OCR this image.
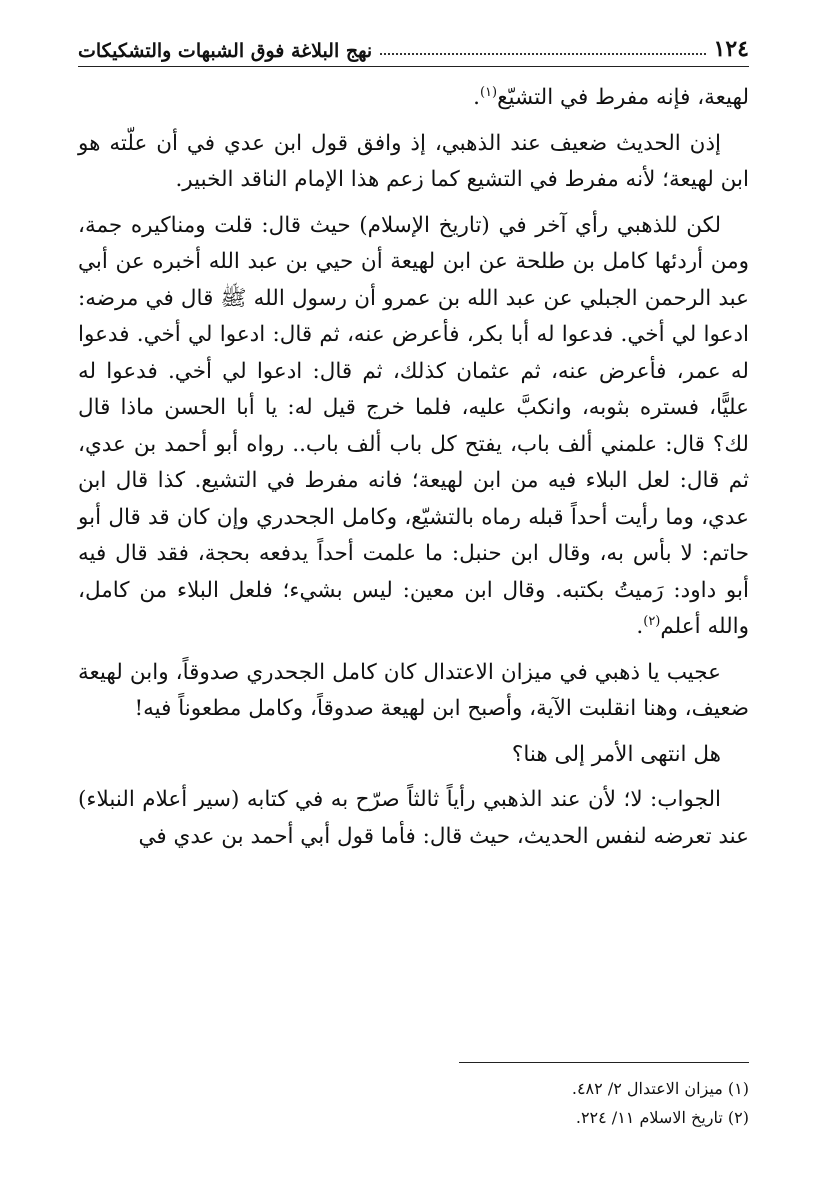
١٢٤
نهج البلاغة فوق الشبهات والتشكيكات

لهيعة، فإنه مفرط في التشيّع$^{(١)}$.

إذن الحديث ضعيف عند الذهبي، إذ وافق قول ابن عدي في أن علّته هو ابن لهيعة؛ لأنه مفرط في التشيع كما زعم هذا الإمام الناقد الخبير.

لكن للذهبي رأي آخر في (تاريخ الإسلام) حيث قال: قلت ومناكيره جمة، ومن أردئها كامل بن طلحة عن ابن لهيعة أن حيي بن عبد الله أخبره عن أبي عبد الرحمن الجبلي عن عبد الله بن عمرو أن رسول الله ﷺ قال في مرضه: ادعوا لي أخي. فدعوا له أبا بكر، فأعرض عنه، ثم قال: ادعوا لي أخي. فدعوا له عمر، فأعرض عنه، ثم عثمان كذلك، ثم قال: ادعوا لي أخي. فدعوا له عليًّا، فستره بثوبه، وانكبَّ عليه، فلما خرج قيل له: يا أبا الحسن ماذا قال لك؟ قال: علمني ألف باب، يفتح كل باب ألف باب.. رواه أبو أحمد بن عدي، ثم قال: لعل البلاء فيه من ابن لهيعة؛ فانه مفرط في التشيع. كذا قال ابن عدي، وما رأيت أحداً قبله رماه بالتشيّع، وكامل الجحدري وإن كان قد قال أبو حاتم: لا بأس به، وقال ابن حنبل: ما علمت أحداً يدفعه بحجة، فقد قال فيه أبو داود: رَميتُ بكتبه. وقال ابن معين: ليس بشيء؛ فلعل البلاء من كامل، والله أعلم$^{(٢)}$.

عجيب يا ذهبي في ميزان الاعتدال كان كامل الجحدري صدوقاً، وابن لهيعة ضعيف، وهنا انقلبت الآية، وأصبح ابن لهيعة صدوقاً، وكامل مطعوناً فيه!

هل انتهى الأمر إلى هنا؟

الجواب: لا؛ لأن عند الذهبي رأياً ثالثاً صرّح به في كتابه (سير أعلام النبلاء) عند تعرضه لنفس الحديث، حيث قال: فأما قول أبي أحمد بن عدي في

(١) ميزان الاعتدال ٢/ ٤٨٢.

(٢) تاريخ الاسلام ١١/ ٢٢٤.
